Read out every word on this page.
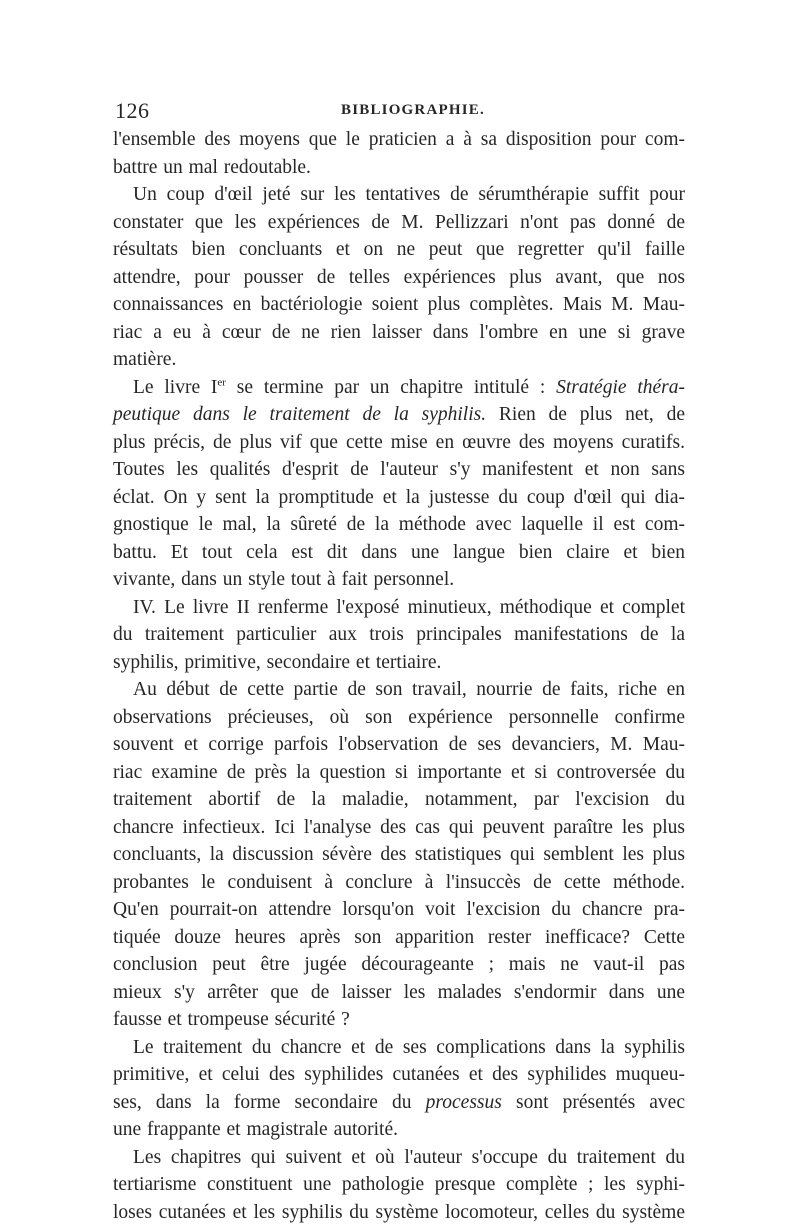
126	BIBLIOGRAPHIE.
l'ensemble des moyens que le praticien a à sa disposition pour com-
battre un mal redoutable.
Un coup d'œil jeté sur les tentatives de sérumthérapie suffit pour
constater que les expériences de M. Pellizzari n'ont pas donné de
résultats bien concluants et on ne peut que regretter qu'il faille
attendre, pour pousser de telles expériences plus avant, que nos
connaissances en bactériologie soient plus complètes. Mais M. Mau-
riac a eu à cœur de ne rien laisser dans l'ombre en une si grave
matière.
Le livre Ier se termine par un chapitre intitulé : Stratégie théra-
peutique dans le traitement de la syphilis. Rien de plus net, de
plus précis, de plus vif que cette mise en œuvre des moyens curatifs.
Toutes les qualités d'esprit de l'auteur s'y manifestent et non sans
éclat. On y sent la promptitude et la justesse du coup d'œil qui dia-
gnostique le mal, la sûreté de la méthode avec laquelle il est com-
battu. Et tout cela est dit dans une langue bien claire et bien
vivante, dans un style tout à fait personnel.
IV. Le livre II renferme l'exposé minutieux, méthodique et complet
du traitement particulier aux trois principales manifestations de la
syphilis, primitive, secondaire et tertiaire.
Au début de cette partie de son travail, nourrie de faits, riche en
observations précieuses, où son expérience personnelle confirme
souvent et corrige parfois l'observation de ses devanciers, M. Mau-
riac examine de près la question si importante et si controversée du
traitement abortif de la maladie, notamment, par l'excision du
chancre infectieux. Ici l'analyse des cas qui peuvent paraître les plus
concluants, la discussion sévère des statistiques qui semblent les plus
probantes le conduisent à conclure à l'insuccès de cette méthode.
Qu'en pourrait-on attendre lorsqu'on voit l'excision du chancre pra-
tiquée douze heures après son apparition rester inefficace? Cette
conclusion peut être jugée décourageante ; mais ne vaut-il pas
mieux s'y arrêter que de laisser les malades s'endormir dans une
fausse et trompeuse sécurité ?
Le traitement du chancre et de ses complications dans la syphilis
primitive, et celui des syphilides cutanées et des syphilides muqueu-
ses, dans la forme secondaire du processus sont présentés avec
une frappante et magistrale autorité.
Les chapitres qui suivent et où l'auteur s'occupe du traitement du
tertiarisme constituent une pathologie presque complète ; les syphi-
loses cutanées et les syphilis du système locomoteur, celles du système
